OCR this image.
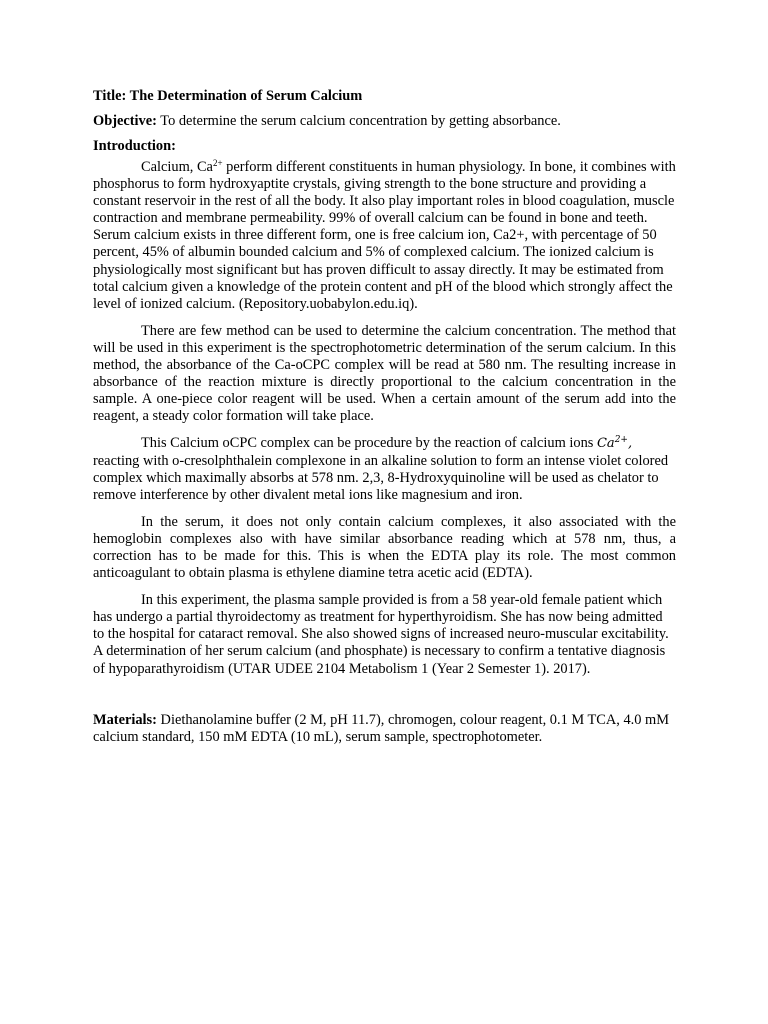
Title: The Determination of Serum Calcium

Objective: To determine the serum calcium concentration by getting absorbance.

Introduction:

Calcium, $Ca^{2+}$ perform different constituents in human physiology. In bone, it combines with phosphorus to form hydroxyaptite crystals, giving strength to the bone structure and providing a constant reservoir in the rest of all the body. It also play important roles in blood coagulation, muscle contraction and membrane permeability. 99% of overall calcium can be found in bone and teeth. Serum calcium exists in three different form, one is free calcium ion, Ca2+, with percentage of 50 percent, 45% of albumin bounded calcium and 5% of complexed calcium. The ionized calcium is physiologically most significant but has proven difficult to assay directly. It may be estimated from total calcium given a knowledge of the protein content and pH of the blood which strongly affect the level of ionized calcium. (Repository.uobabylon.edu.iq).

There are few method can be used to determine the calcium concentration. The method that will be used in this experiment is the spectrophotometric determination of the serum calcium. In this method, the absorbance of the Ca-oCPC complex will be read at 580 nm. The resulting increase in absorbance of the reaction mixture is directly proportional to the calcium concentration in the sample. A one-piece color reagent will be used. When a certain amount of the serum add into the reagent, a steady color formation will take place.

This Calcium oCPC complex can be procedure by the reaction of calcium ions $Ca^{2+}$, reacting with o-cresolphthalein complexone in an alkaline solution to form an intense violet colored complex which maximally absorbs at 578 nm. 2,3, 8-Hydroxyquinoline will be used as chelator to remove interference by other divalent metal ions like magnesium and iron.

In the serum, it does not only contain calcium complexes, it also associated with the hemoglobin complexes also with have similar absorbance reading which at 578 nm, thus, a correction has to be made for this. This is when the EDTA play its role. The most common anticoagulant to obtain plasma is ethylene diamine tetra acetic acid (EDTA).

In this experiment, the plasma sample provided is from a 58 year-old female patient which has undergo a partial thyroidectomy as treatment for hyperthyroidism. She has now being admitted to the hospital for cataract removal. She also showed signs of increased neuro-muscular excitability. A determination of her serum calcium (and phosphate) is necessary to confirm a tentative diagnosis of hypoparathyroidism (UTAR UDEE 2104 Metabolism 1 (Year 2 Semester 1). 2017).

Materials: Diethanolamine buffer (2 M, pH 11.7), chromogen, colour reagent, 0.1 M TCA, 4.0 mM calcium standard, 150 mM EDTA (10 mL), serum sample, spectrophotometer.
